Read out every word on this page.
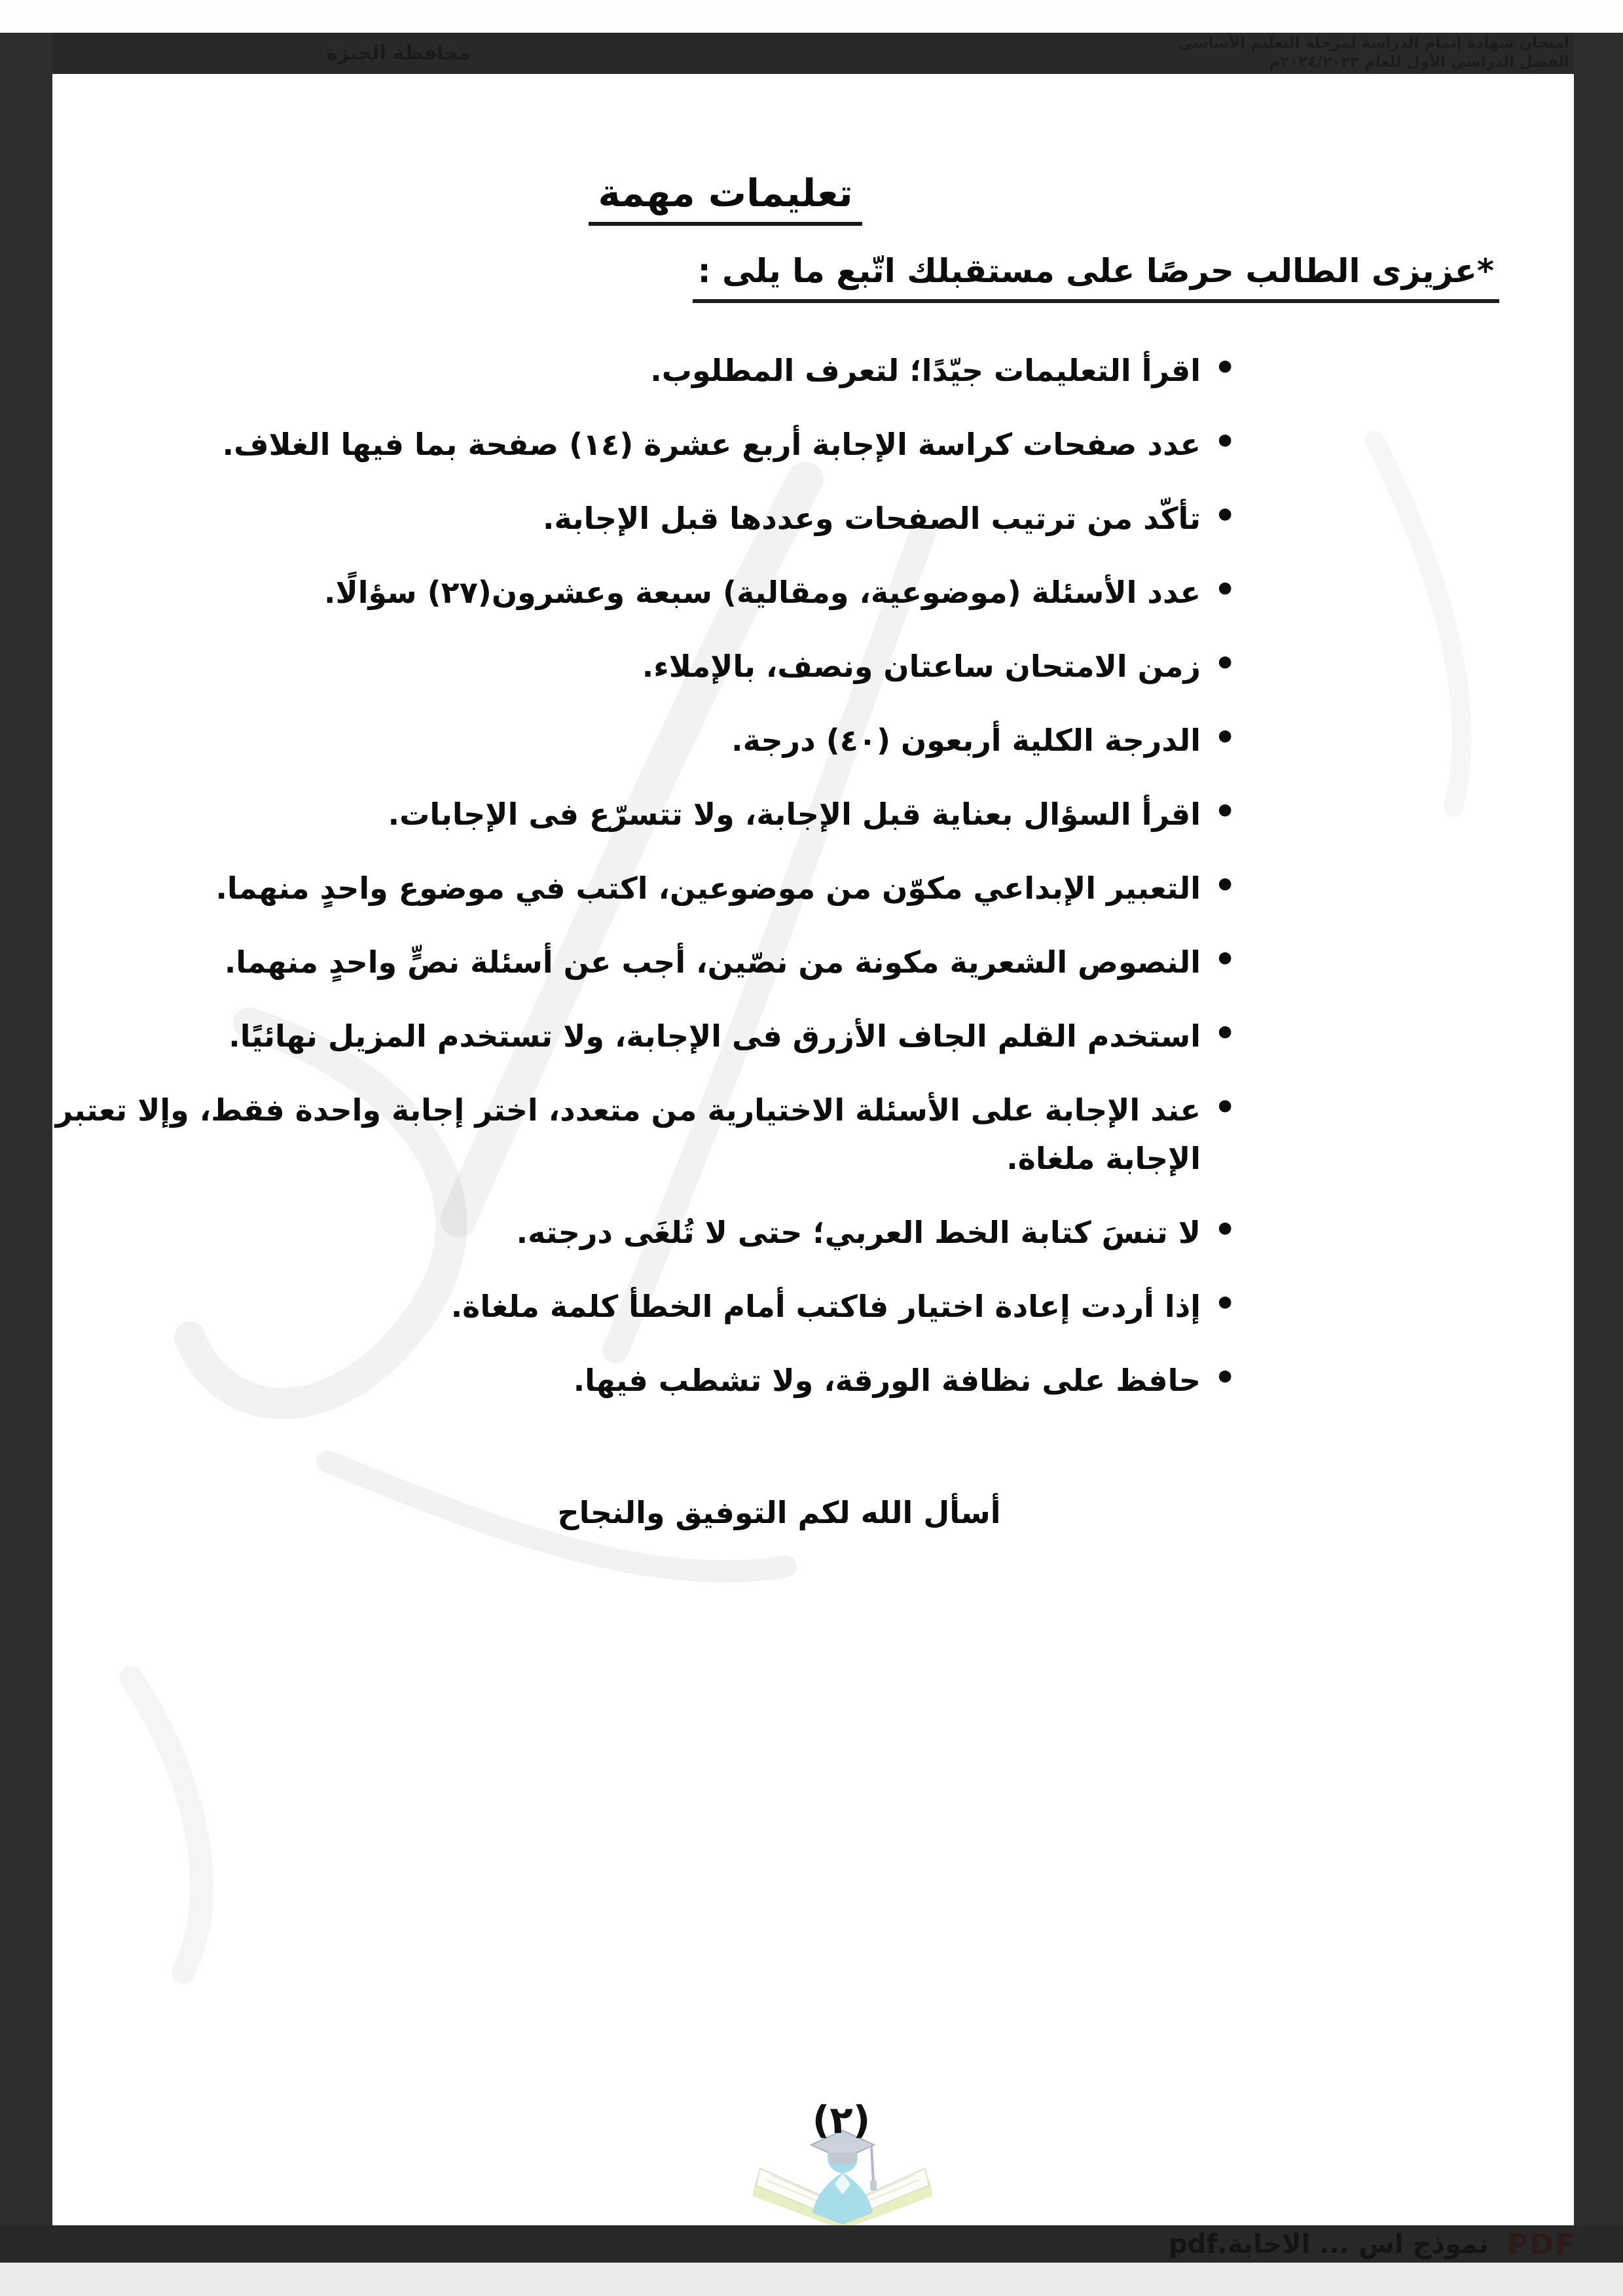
محافظة الجيزة	امتحان شهادة إتمام الدراسة لمرحلة التعليم الأساسي
الفصل الدراسي الأول للعام ٢٠٢٤/٢٠٢٣م
تعليمات مهمة
*عزيزى الطالب حرصًا على مستقبلك اتّبع ما يلى :
• اقرأ التعليمات جيّدًا؛ لتعرف المطلوب.
• عدد صفحات كراسة الإجابة أربع عشرة (١٤) صفحة بما فيها الغلاف.
• تأكّد من ترتيب الصفحات وعددها قبل الإجابة.
• عدد الأسئلة (موضوعية، ومقالية) سبعة وعشرون(٢٧) سؤالًا.
• زمن الامتحان ساعتان ونصف، بالإملاء.
• الدرجة الكلية أربعون (٤٠) درجة.
• اقرأ السؤال بعناية قبل الإجابة، ولا تتسرّع فى الإجابات.
• التعبير الإبداعي مكوّن من موضوعين، اكتب في موضوع واحدٍ منهما.
• النصوص الشعرية مكونة من نصّين، أجب عن أسئلة نصٍّ واحدٍ منهما.
• استخدم القلم الجاف الأزرق فى الإجابة، ولا تستخدم المزيل نهائيًا.
• عند الإجابة على الأسئلة الاختيارية من متعدد، اختر إجابة واحدة فقط، وإلا تعتبر الإجابة ملغاة.
• لا تنسَ كتابة الخط العربي؛ حتى لا تُلغَى درجته.
• إذا أردت إعادة اختيار فاكتب أمام الخطأ كلمة ملغاة.
• حافظ على نظافة الورقة، ولا تشطب فيها.
أسأل الله لكم التوفيق والنجاح
(٢)
نموذج اس ... الاجابة.pdf PDF
